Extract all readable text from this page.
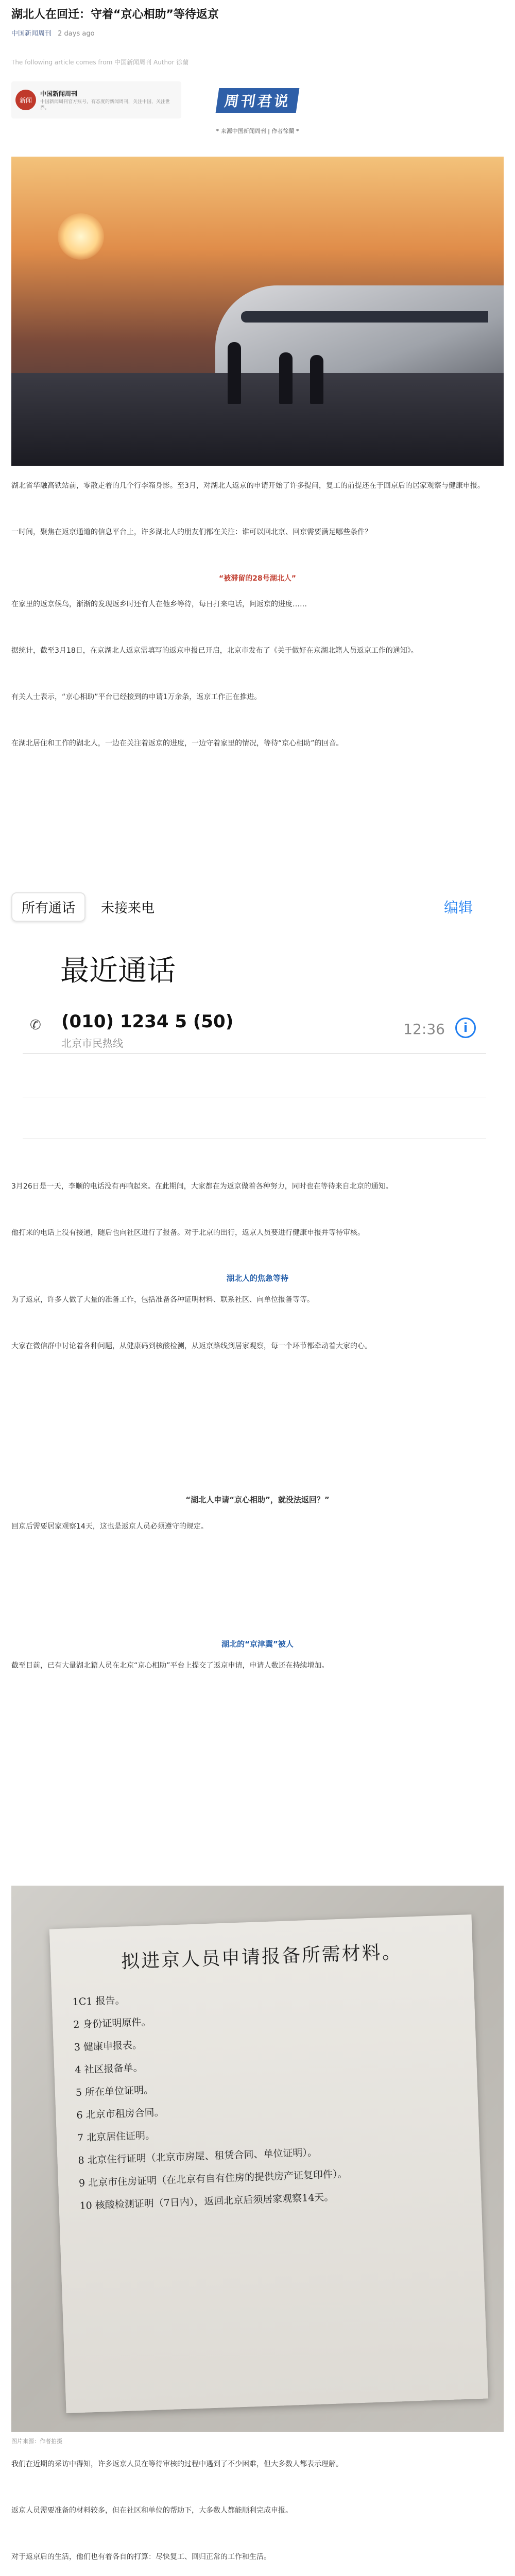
湖北人在回迁：守着“京心相助”等待返京
中国新闻周刊 2 days ago
The following article comes from 中国新闻周刊 Author 徐蘭
新闻
中国新闻周刊
中国新闻周刊官方账号，有态度的新闻周刊，关注中国，关注世界。	周刊君说
* 来源中国新闻周刊 | 作者徐蘭 *

湖北省华融高铁站前，零散走着的几个行李箱身影。至3月，对湖北人返京的申请开始了许多提问，复工的前提还在于回京后的居家观察与健康申报。

一时间，聚焦在返京通道的信息平台上，许多湖北人的朋友们都在关注：谁可以回北京、回京需要满足哪些条件？

“被滞留的28号湖北人”

在家里的返京候鸟，渐渐的发现返乡时还有人在他乡等待，每日打来电话，问返京的进度……

据统计，截至3月18日，在京湖北人返京需填写的返京申报已开启，北京市发布了《关于做好在京湖北籍人员返京工作的通知》。

有关人士表示，“京心相助”平台已经接到的申请1万余条，返京工作正在推进。

在湖北居住和工作的湖北人，一边在关注着返京的进度，一边守着家里的情况，等待“京心相助”的回音。

所有通话	未接来电	编辑
最近通话
✆ (010) 1234 5 (50)
北京市民热线
12:36	i

3月26日是一天，李顺的电话没有再响起来。在此期间，大家都在为返京做着各种努力，同时也在等待来自北京的通知。

他打来的电话上没有接通，随后也向社区进行了报备。对于北京的出行，返京人员要进行健康申报并等待审核。

湖北人的焦急等待

为了返京，许多人做了大量的准备工作，包括准备各种证明材料、联系社区、向单位报备等等。

大家在微信群中讨论着各种问题，从健康码到核酸检测，从返京路线到居家观察，每一个环节都牵动着大家的心。

“湖北人申请“京心相助”，就没法返回？”

回京后需要居家观察14天，这也是返京人员必须遵守的规定。

湖北的“京津冀”被人

截至目前，已有大量湖北籍人员在北京“京心相助”平台上提交了返京申请，申请人数还在持续增加。

拟进京人员申请报备所需材料。
1C1 报告。
2 身份证明原件。
3 健康申报表。
4 社区报备单。
5 所在单位证明。
6 北京市租房合同。
7 北京居住证明。
8 北京住行证明（北京市房屋、租赁合同、单位证明）。
9 北京市住房证明（在北京有自有住房的提供房产证复印件）。
10 核酸检测证明（7日内），返回北京后须居家观察14天。
图片来源：作者拍摄

我们在近期的采访中得知，许多返京人员在等待审核的过程中遇到了不少困难，但大多数人都表示理解。

返京人员需要准备的材料较多，但在社区和单位的帮助下，大多数人都能顺利完成申报。

对于返京后的生活，他们也有着各自的打算：尽快复工、回归正常的工作和生活。
